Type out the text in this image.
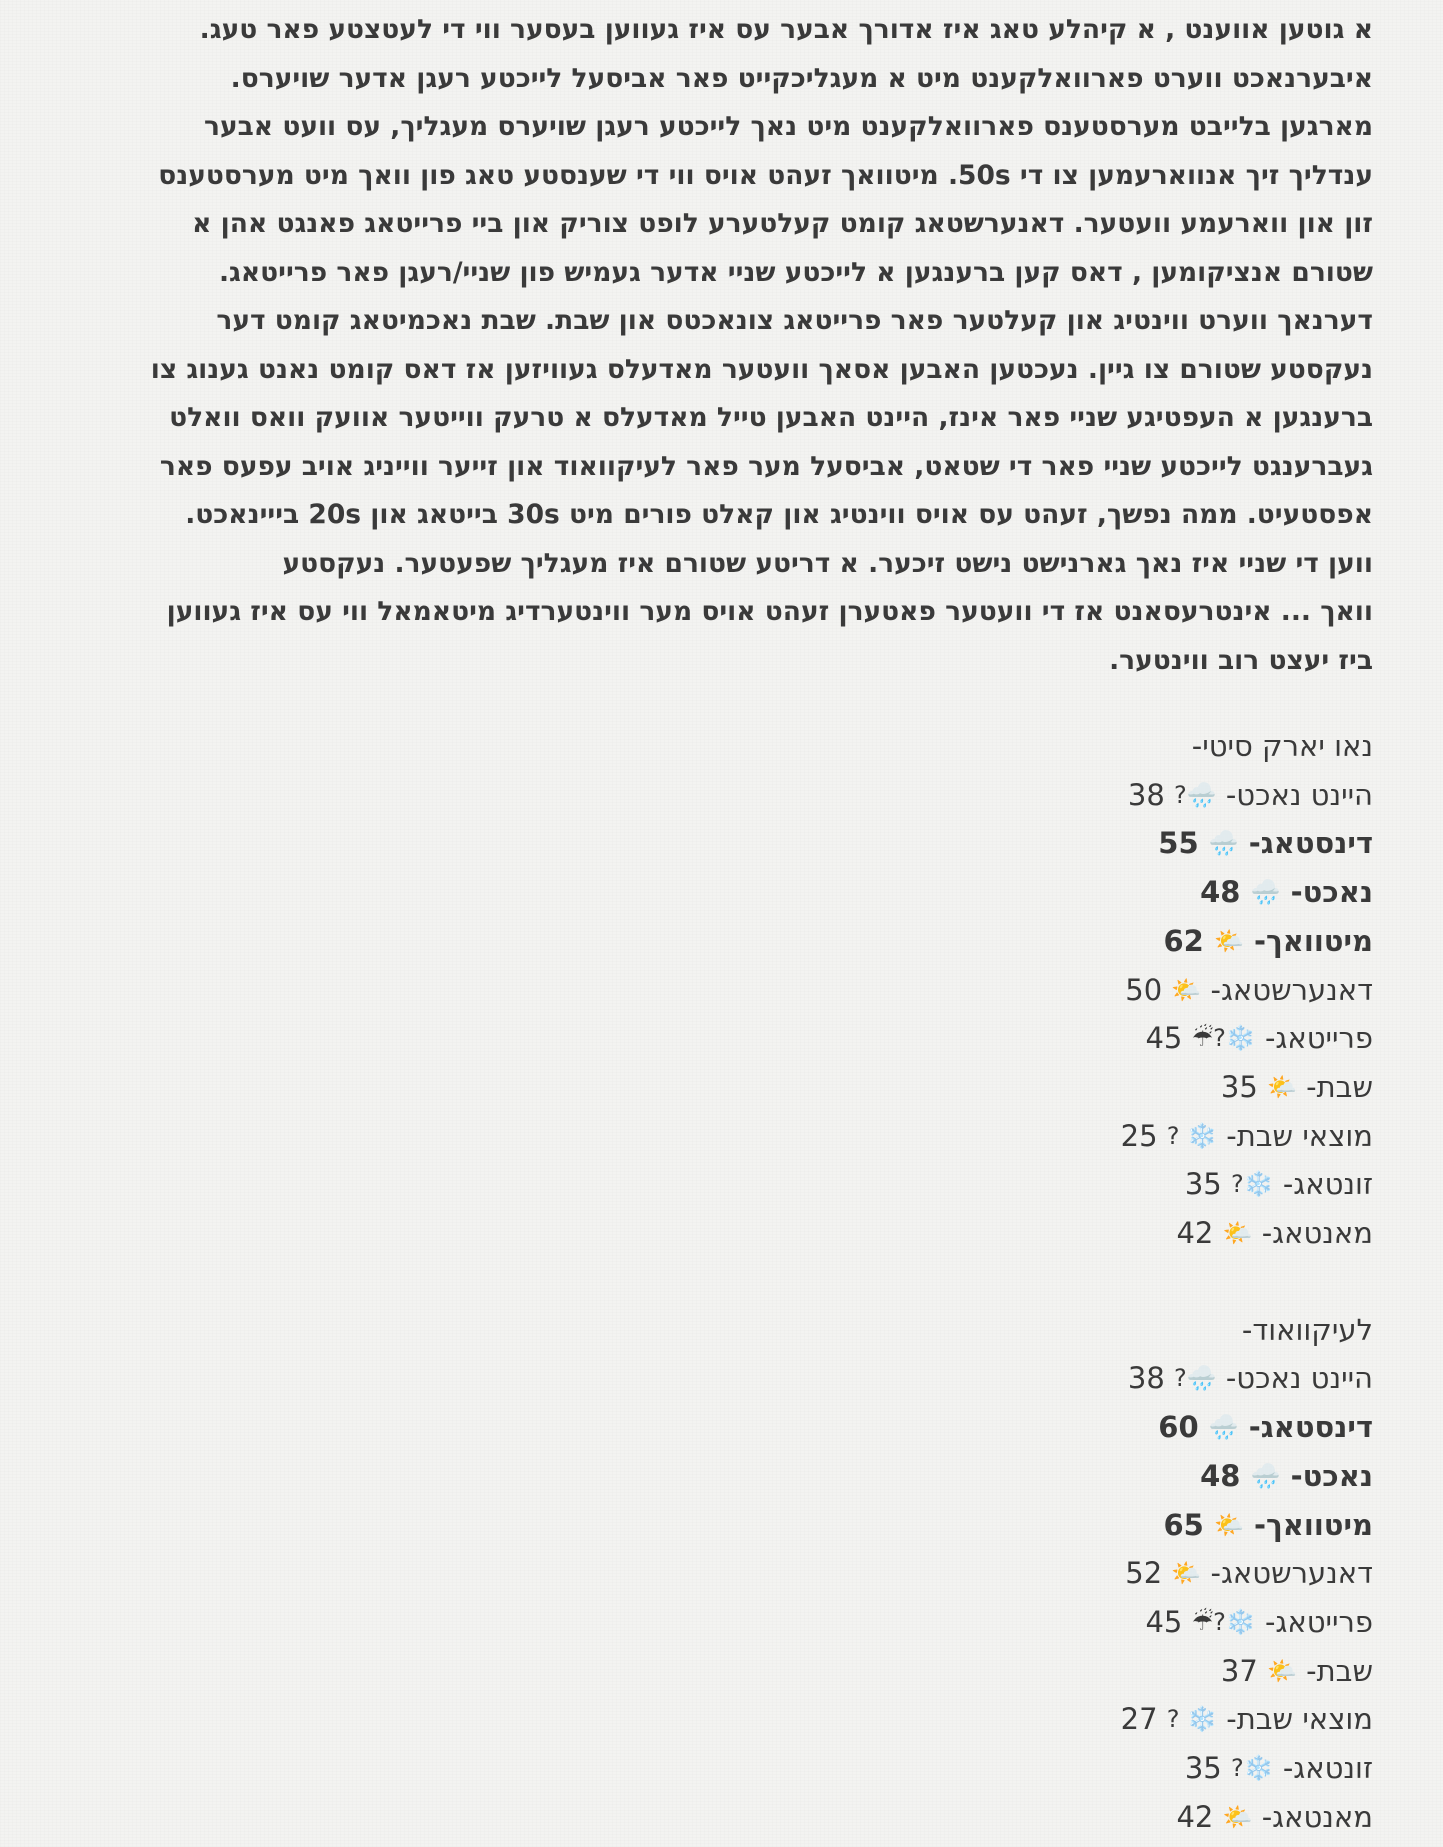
א גוטען אווענט , א קיהלע טאג איז אדורך אבער עס איז געווען בעסער ווי די לעטצטע פאר טעג.
איבערנאכט ווערט פארוואלקענט מיט א מעגליכקייט פאר אביסעל לייכטע רעגן אדער שויערס.
מארגען בלייבט מערסטענס פארוואלקענט מיט נאך לייכטע רעגן שויערס מעגליך, עס וועט אבער
ענדליך זיך אנווארעמען צו די 50s. מיטוואך זעהט אויס ווי די שענסטע טאג פון וואך מיט מערסטענס
זון און ווארעמע וועטער. דאנערשטאג קומט קעלטערע לופט צוריק און ביי פרייטאג פאנגט אהן א
שטורם אנציקומען , דאס קען ברענגען א לייכטע שניי אדער געמיש פון שניי/רעגן פאר פרייטאג.
דערנאך ווערט ווינטיג און קעלטער פאר פרייטאג צונאכטס און שבת. שבת נאכמיטאג קומט דער
נעקסטע שטורם צו גיין. נעכטען האבען אסאך וועטער מאדעלס געוויזען אז דאס קומט נאנט גענוג צו
ברענגען א העפטיגע שניי פאר אינז, היינט האבען טייל מאדעלס א טרעק ווייטער אוועק וואס וואלט
געברענגט לייכטע שניי פאר די שטאט, אביסעל מער פאר לעיקוואוד און זייער ווייניג אויב עפעס פאר
אפסטעיט. ממה נפשך, זעהט עס אויס ווינטיג און קאלט פורים מיט 30s בייטאג און 20s בייינאכט.
ווען די שניי איז נאך גארנישט נישט זיכער. א דריטע שטורם איז מעגליך שפעטער. נעקסטע
וואך ... אינטרעסאנט אז די וועטער פאטערן זעהט אויס מער ווינטערדיג מיטאמאל ווי עס איז געווען
ביז יעצט רוב ווינטער.

נאו יארק סיטי-
היינט נאכט- 🌧️? 38
דינסטאג- 🌧️ 55
נאכט- 🌧️ 48
מיטוואך- 🌤️ 62
דאנערשטאג- 🌤️ 50
פרייטאג- ❄️?☔ 45
שבת- 🌤️ 35
מוצאי שבת- ❄️ ? 25
זונטאג- ❄️? 35
מאנטאג- 🌤️ 42
לעיקוואוד-
היינט נאכט- 🌧️? 38
דינסטאג- 🌧️ 60
נאכט- 🌧️ 48
מיטוואך- 🌤️ 65
דאנערשטאג- 🌤️ 52
פרייטאג- ❄️?☔ 45
שבת- 🌤️ 37
מוצאי שבת- ❄️ ? 27
זונטאג- ❄️? 35
מאנטאג- 🌤️ 42
